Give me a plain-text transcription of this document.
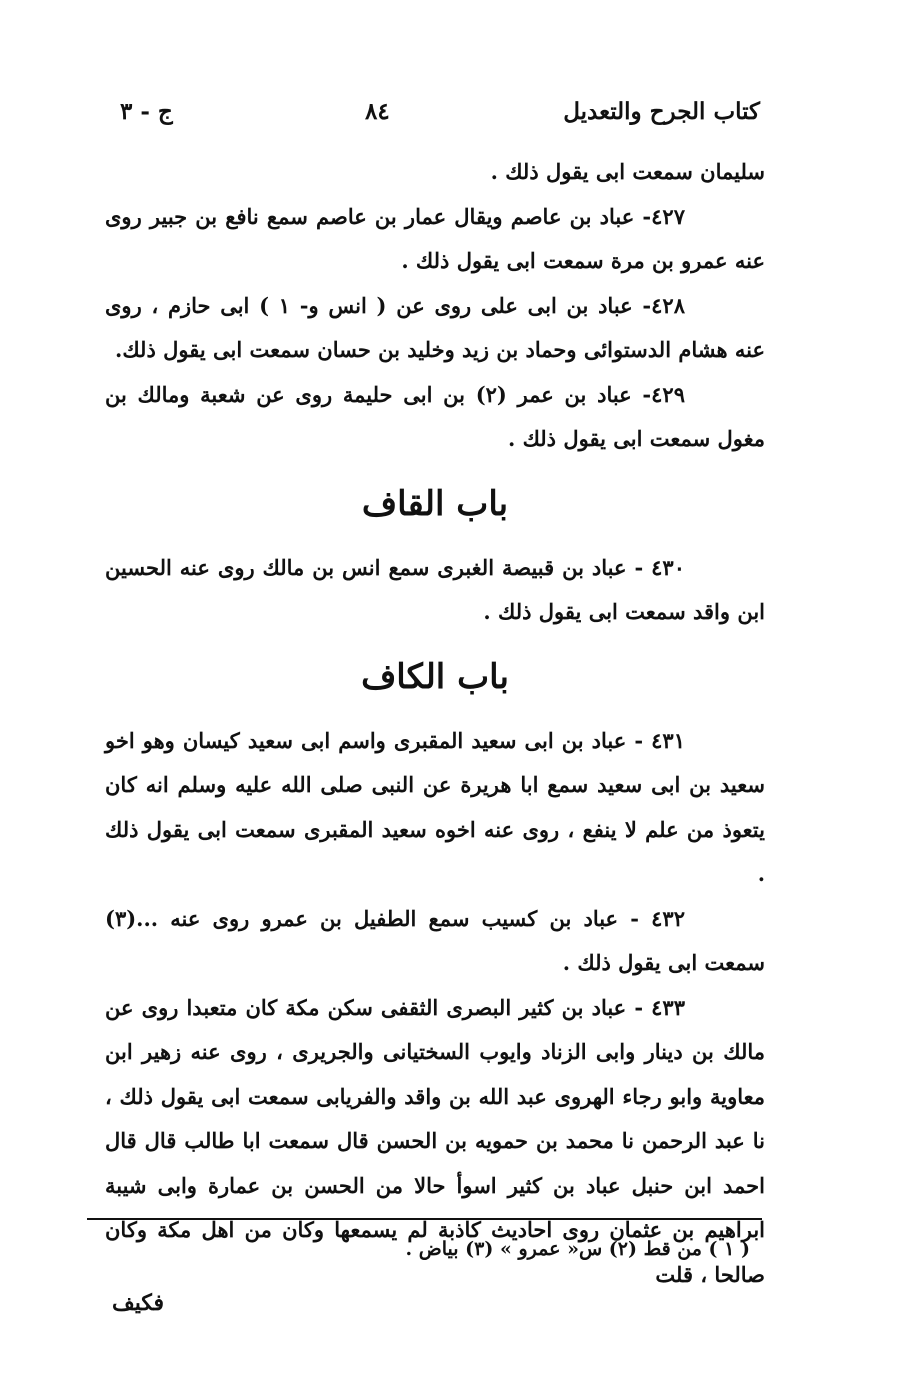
كتاب الجرح والتعديل
٨٤
ج - ٣

سليمان سمعت ابى يقول ذلك .

٤٢٧- عباد بن عاصم ويقال عمار بن عاصم سمع نافع بن جبير روى عنه عمرو بن مرة سمعت ابى يقول ذلك .

٤٢٨- عباد بن ابى على روى عن ( انس و- ١ ) ابى حازم ، روى عنه هشام الدستوائى وحماد بن زيد وخليد بن حسان سمعت ابى يقول ذلك.

٤٢٩- عباد بن عمر (٢) بن ابى حليمة روى عن شعبة ومالك بن مغول سمعت ابى يقول ذلك .

باب القاف

٤٣٠ - عباد بن قبيصة الغبرى سمع انس بن مالك روى عنه الحسين ابن واقد سمعت ابى يقول ذلك .

باب الكاف

٤٣١ - عباد بن ابى سعيد المقبرى واسم ابى سعيد كيسان وهو اخو سعيد بن ابى سعيد سمع ابا هريرة عن النبى صلى الله عليه وسلم انه كان يتعوذ من علم لا ينفع ، روى عنه اخوه سعيد المقبرى سمعت ابى يقول ذلك .

٤٣٢ - عباد بن كسيب سمع الطفيل بن عمرو روى عنه ...(٣) سمعت ابى يقول ذلك .

٤٣٣ - عباد بن كثير البصرى الثقفى سكن مكة كان متعبدا روى عن مالك بن دينار وابى الزناد وايوب السختيانى والجريرى ، روى عنه زهير ابن معاوية وابو رجاء الهروى عبد الله بن واقد والفريابى سمعت ابى يقول ذلك ، نا عبد الرحمن نا محمد بن حمويه بن الحسن قال سمعت ابا طالب قال قال احمد ابن حنبل عباد بن كثير اسوأ حالا من الحسن بن عمارة وابى شيبة ابراهيم بن عثمان روى احاديث كاذبة لم يسمعها وكان من اهل مكة وكان صالحا ، قلت

( ١ ) من قط (٢) س« عمرو » (٣) بياض .
فكيف
